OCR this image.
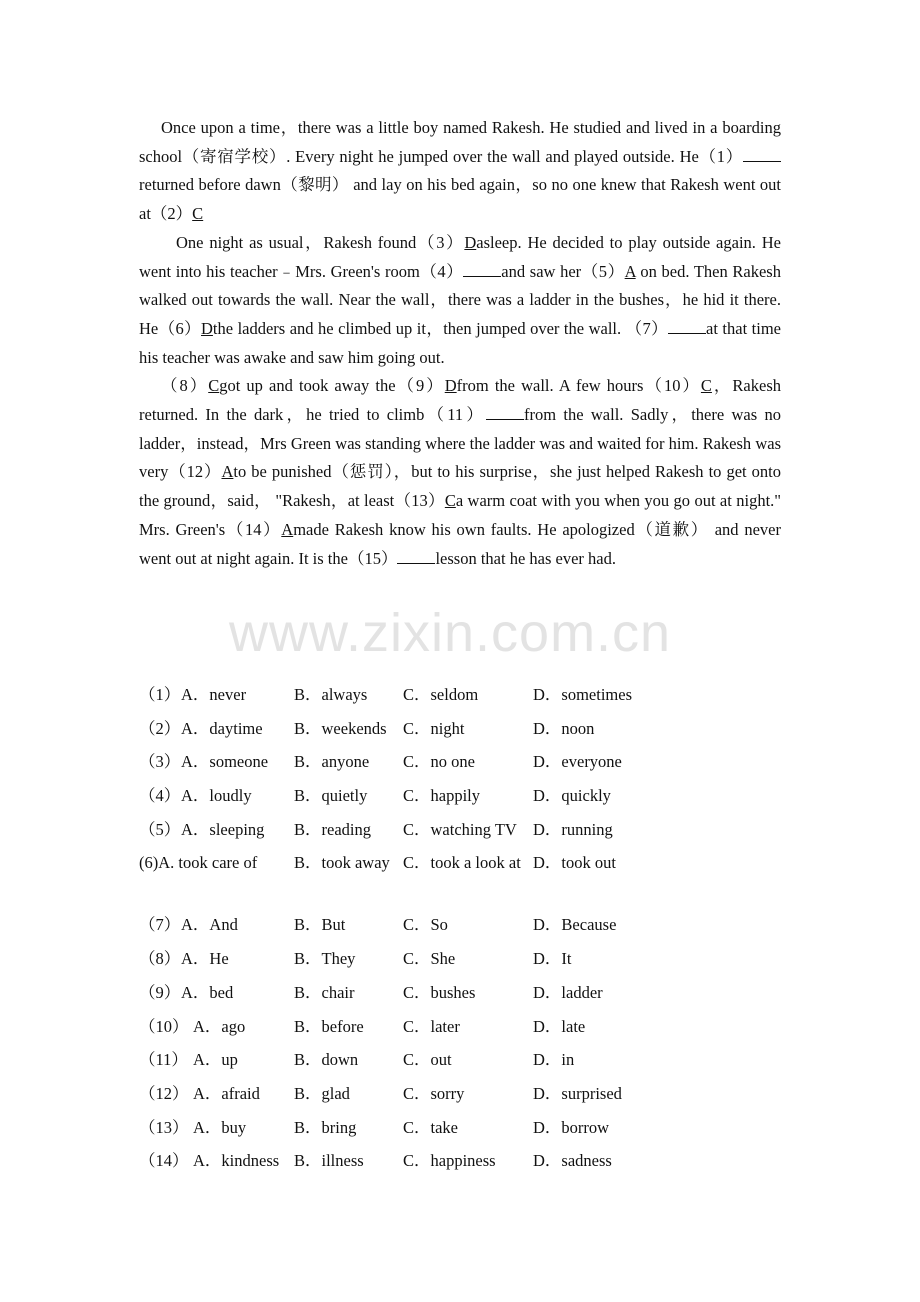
Once upon a time，there was a little boy named Rakesh. He studied and lived in a boarding school（寄宿学校）. Every night he jumped over the wall and played outside. He（1）returned before dawn（黎明） and lay on his bed again，so no one knew that Rakesh went out at（2）C

One night as usual，Rakesh found（3）Dasleep. He decided to play outside again. He went into his teacher﹣Mrs. Green's room（4） and saw her（5）A on bed. Then Rakesh walked out towards the wall. Near the wall，there was a ladder in the bushes，he hid it there. He（6）Dthe ladders and he climbed up it，then jumped over the wall. （7） at that time his teacher was awake and saw him going out.

（8）Cgot up and took away the（9）Dfrom the wall. A few hours（10）C，Rakesh returned. In the dark，he tried to climb（11） from the wall. Sadly，there was no ladder，instead，Mrs Green was standing where the ladder was and waited for him. Rakesh was very（12）Ato be punished（惩罚），but to his surprise，she just helped Rakesh to get onto the ground，said， "Rakesh，at least（13）Ca warm coat with you when you go out at night." Mrs. Green's（14）Amade Rakesh know his own faults. He apologized（道歉） and never went out at night again. It is the（15） lesson that he has ever had.

www.zixin.com.cn
（1） A．never	B．always C．seldom	D．sometimes
（2） A．daytime B．weekends C．night	D．noon
（3） A．someone B．anyone C．no one	D．everyone
（4） A．loudly	B．quietly C．happily	D．quickly
（5） A．sleeping B．reading C．watching TV D．running
(6)A. took care of	B．took away C．took a look at D．took out
（7） A．And	B．But	C．So	D．Because
（8） A．He	B．They	C．She	D．It
（9） A．bed	B．chair	C．bushes	D．ladder
（10） A．ago	B．before C．later	D．late
（11） A．up	B．down	C．out	D．in
（12） A．afraid B．glad	C．sorry	D．surprised
（13） A．buy	B．bring	C．take	D．borrow
（14） A．kindness B．illness C．happiness D．sadness
